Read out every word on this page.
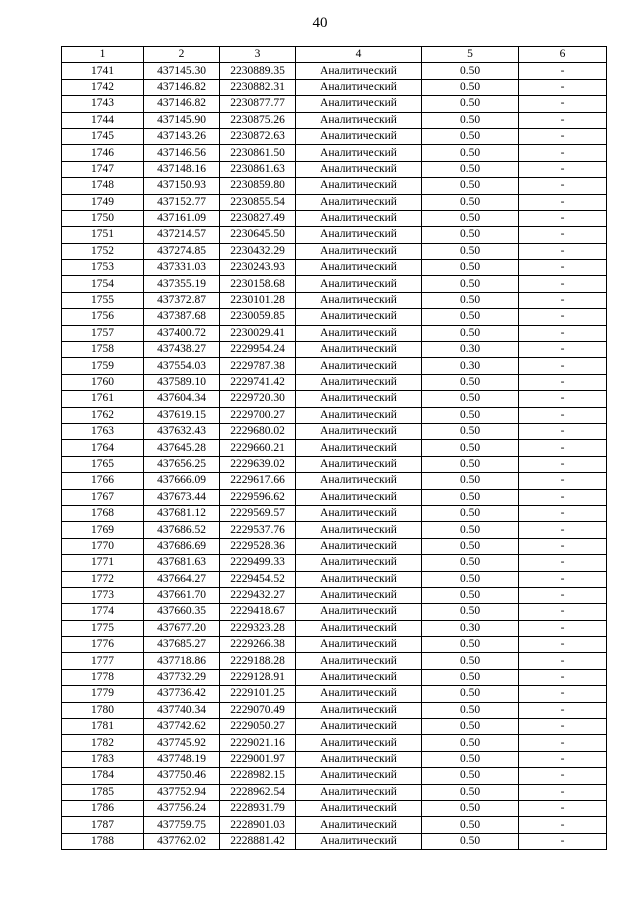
40
1	2	3	4	5	6
1741	437145.30	2230889.35	Аналитический	0.50	-
1742	437146.82	2230882.31	Аналитический	0.50	-
1743	437146.82	2230877.77	Аналитический	0.50	-
1744	437145.90	2230875.26	Аналитический	0.50	-
1745	437143.26	2230872.63	Аналитический	0.50	-
1746	437146.56	2230861.50	Аналитический	0.50	-
1747	437148.16	2230861.63	Аналитический	0.50	-
1748	437150.93	2230859.80	Аналитический	0.50	-
1749	437152.77	2230855.54	Аналитический	0.50	-
1750	437161.09	2230827.49	Аналитический	0.50	-
1751	437214.57	2230645.50	Аналитический	0.50	-
1752	437274.85	2230432.29	Аналитический	0.50	-
1753	437331.03	2230243.93	Аналитический	0.50	-
1754	437355.19	2230158.68	Аналитический	0.50	-
1755	437372.87	2230101.28	Аналитический	0.50	-
1756	437387.68	2230059.85	Аналитический	0.50	-
1757	437400.72	2230029.41	Аналитический	0.50	-
1758	437438.27	2229954.24	Аналитический	0.30	-
1759	437554.03	2229787.38	Аналитический	0.30	-
1760	437589.10	2229741.42	Аналитический	0.50	-
1761	437604.34	2229720.30	Аналитический	0.50	-
1762	437619.15	2229700.27	Аналитический	0.50	-
1763	437632.43	2229680.02	Аналитический	0.50	-
1764	437645.28	2229660.21	Аналитический	0.50	-
1765	437656.25	2229639.02	Аналитический	0.50	-
1766	437666.09	2229617.66	Аналитический	0.50	-
1767	437673.44	2229596.62	Аналитический	0.50	-
1768	437681.12	2229569.57	Аналитический	0.50	-
1769	437686.52	2229537.76	Аналитический	0.50	-
1770	437686.69	2229528.36	Аналитический	0.50	-
1771	437681.63	2229499.33	Аналитический	0.50	-
1772	437664.27	2229454.52	Аналитический	0.50	-
1773	437661.70	2229432.27	Аналитический	0.50	-
1774	437660.35	2229418.67	Аналитический	0.50	-
1775	437677.20	2229323.28	Аналитический	0.30	-
1776	437685.27	2229266.38	Аналитический	0.50	-
1777	437718.86	2229188.28	Аналитический	0.50	-
1778	437732.29	2229128.91	Аналитический	0.50	-
1779	437736.42	2229101.25	Аналитический	0.50	-
1780	437740.34	2229070.49	Аналитический	0.50	-
1781	437742.62	2229050.27	Аналитический	0.50	-
1782	437745.92	2229021.16	Аналитический	0.50	-
1783	437748.19	2229001.97	Аналитический	0.50	-
1784	437750.46	2228982.15	Аналитический	0.50	-
1785	437752.94	2228962.54	Аналитический	0.50	-
1786	437756.24	2228931.79	Аналитический	0.50	-
1787	437759.75	2228901.03	Аналитический	0.50	-
1788	437762.02	2228881.42	Аналитический	0.50	-
